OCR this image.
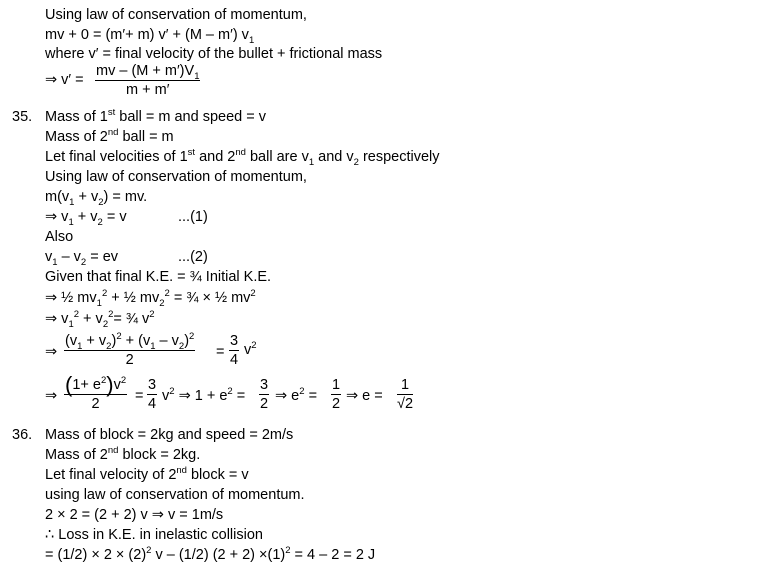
Using law of conservation of momentum,
mv + 0 = (m′+ m) v′ + (M – m′) $v_1$
where v′ = final velocity of the bullet + frictional mass
⇒ $v' = \frac{mv - (M + m')V_1}{m + m'}$
35. Mass of 1st ball = m and speed = v
Mass of 2nd ball = m
Let final velocities of 1st and 2nd ball are $v_1$ and $v_2$ respectively
Using law of conservation of momentum,
$m(v_1 + v_2)$ = mv.
⇒ $v_1 + v_2 = v$	...(1)
Also
$v_1 - v_2$ = ev	...(2)
Given that final K.E. = ¾ Initial K.E.
⇒ ½ $mv_1^2$ + ½ $mv_2^2$ = ¾ × ½ $mv^2$
⇒ $v_1^2 + v_2^2=$ ¾ $v^2$
⇒ $\frac{(v_1 + v_2)^2 + (v_1 - v_2)^2}{2} = \frac{3}{4} v^2$
⇒ $\frac{(1+ e^2)v^2}{2} = \frac{3}{4} v^2$ ⇒ $1 + e^2 = \frac{3}{2}$ ⇒ $e^2 = \frac{1}{2}$ ⇒ $e = \frac{1}{√2}$
36. Mass of block = 2kg and speed = 2m/s
Mass of 2nd block = 2kg.
Let final velocity of 2nd block = v
using law of conservation of momentum.
2 × 2 = (2 + 2) v ⇒ v = 1m/s
∴ Loss in K.E. in inelastic collision
= $(1/2) \times 2 \times (2)^2$ v – (1/2) $(2 + 2) \times(1)^2 = 4 - 2 = 2$ J
